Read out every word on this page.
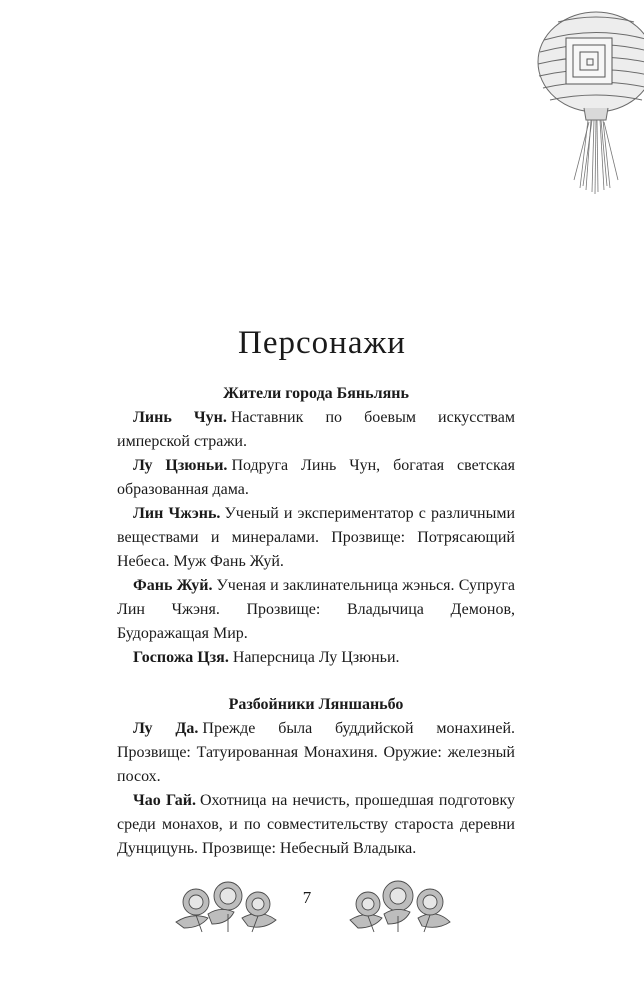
Персонажи

Жители города Бяньлянь

Линь Чун. Наставник по боевым искусствам имперской стражи.

Лу Цзюньи. Подруга Линь Чун, богатая светская образованная дама.

Лин Чжэнь. Ученый и экспериментатор с различными веществами и минералами. Прозвище: Потрясающий Небеса. Муж Фань Жуй.

Фань Жуй. Ученая и заклинательница жэнься. Супруга Лин Чжэня. Прозвище: Владычица Демонов, Будоражащая Мир.

Госпожа Цзя. Наперсница Лу Цзюньи.

Разбойники Ляншаньбо

Лу Да. Прежде была буддийской монахиней. Прозвище: Татуированная Монахиня. Оружие: железный посох.

Чао Гай. Охотница на нечисть, прошедшая подготовку среди монахов, и по совместительству староста деревни Дунцицунь. Прозвище: Небесный Владыка.

7
